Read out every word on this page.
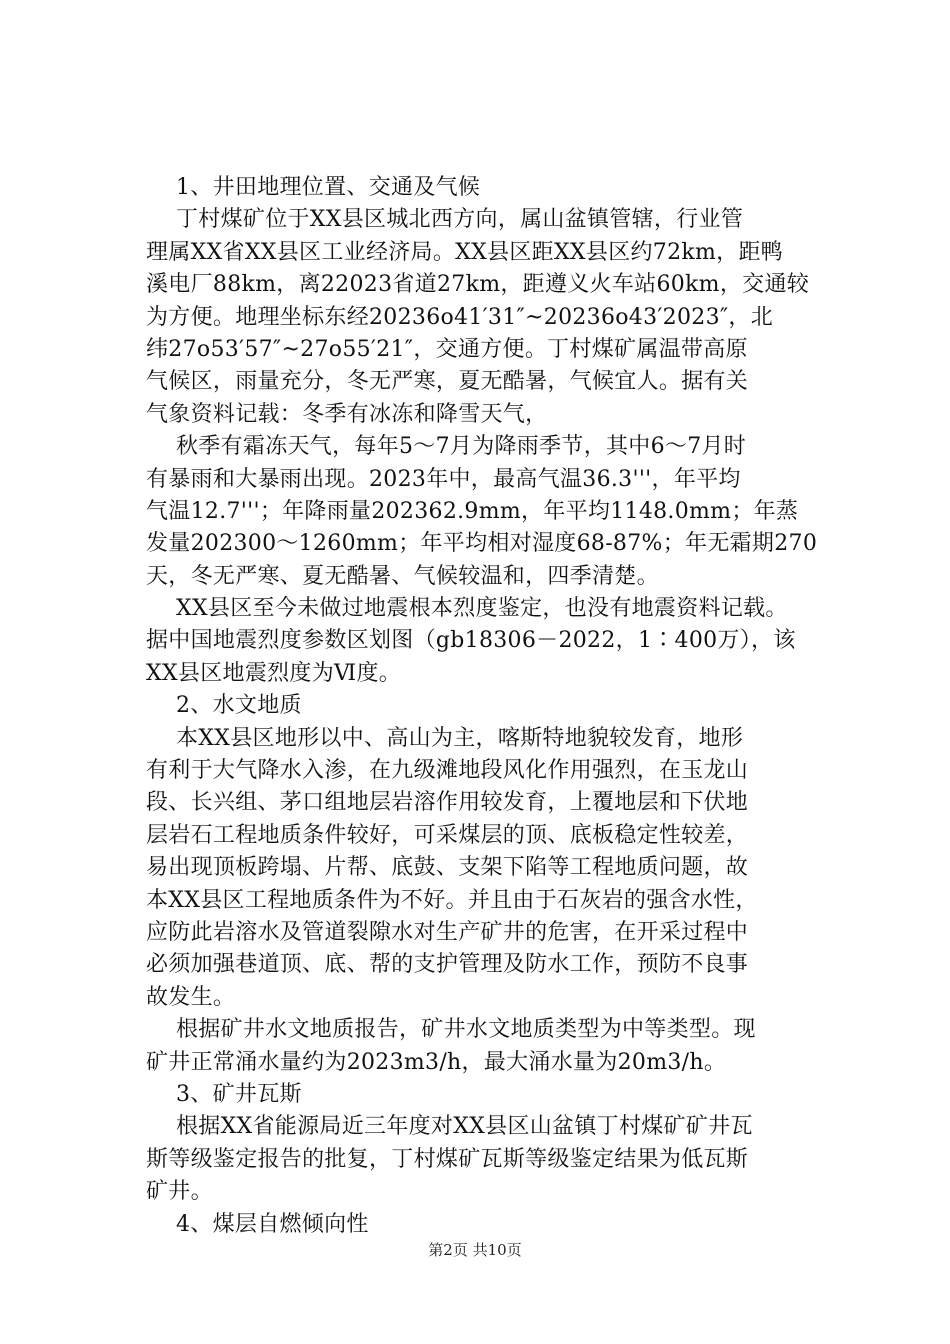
1、井田地理位置、交通及气候
丁村煤矿位于XX县区城北西方向，属山盆镇管辖，行业管
理属XX省XX县区工业经济局。XX县区距XX县区约72km，距鸭
溪电厂88km，离22023省道27km，距遵义火车站60km，交通较
为方便。地理坐标东经20236o41′31″~20236o43′2023″，北
纬27o53′57″~27o55′21″，交通方便。丁村煤矿属温带高原
气候区，雨量充分，冬无严寒，夏无酷暑，气候宜人。据有关
气象资料记载：冬季有冰冻和降雪天气，
秋季有霜冻天气，每年5～7月为降雨季节，其中6～7月时
有暴雨和大暴雨出现。2023年中，最高气温36.3'''，年平均
气温12.7'''；年降雨量202362.9mm，年平均1148.0mm；年蒸
发量202300～1260mm；年平均相对湿度68-87%；年无霜期270
天，冬无严寒、夏无酷暑、气候较温和，四季清楚。
XX县区至今未做过地震根本烈度鉴定，也没有地震资料记载。
据中国地震烈度参数区划图（gb18306－2022，1∶400万），该
XX县区地震烈度为Ⅵ度。
2、水文地质
本XX县区地形以中、高山为主，喀斯特地貌较发育，地形
有利于大气降水入渗，在九级滩地段风化作用强烈，在玉龙山
段、长兴组、茅口组地层岩溶作用较发育，上覆地层和下伏地
层岩石工程地质条件较好，可采煤层的顶、底板稳定性较差，
易出现顶板跨塌、片帮、底鼓、支架下陷等工程地质问题，故
本XX县区工程地质条件为不好。并且由于石灰岩的强含水性，
应防此岩溶水及管道裂隙水对生产矿井的危害，在开采过程中
必须加强巷道顶、底、帮的支护管理及防水工作，预防不良事
故发生。
根据矿井水文地质报告，矿井水文地质类型为中等类型。现
矿井正常涌水量约为2023m3/h，最大涌水量为20m3/h。
3、矿井瓦斯
根据XX省能源局近三年度对XX县区山盆镇丁村煤矿矿井瓦
斯等级鉴定报告的批复，丁村煤矿瓦斯等级鉴定结果为低瓦斯
矿井。
4、煤层自燃倾向性
第2页 共10页
